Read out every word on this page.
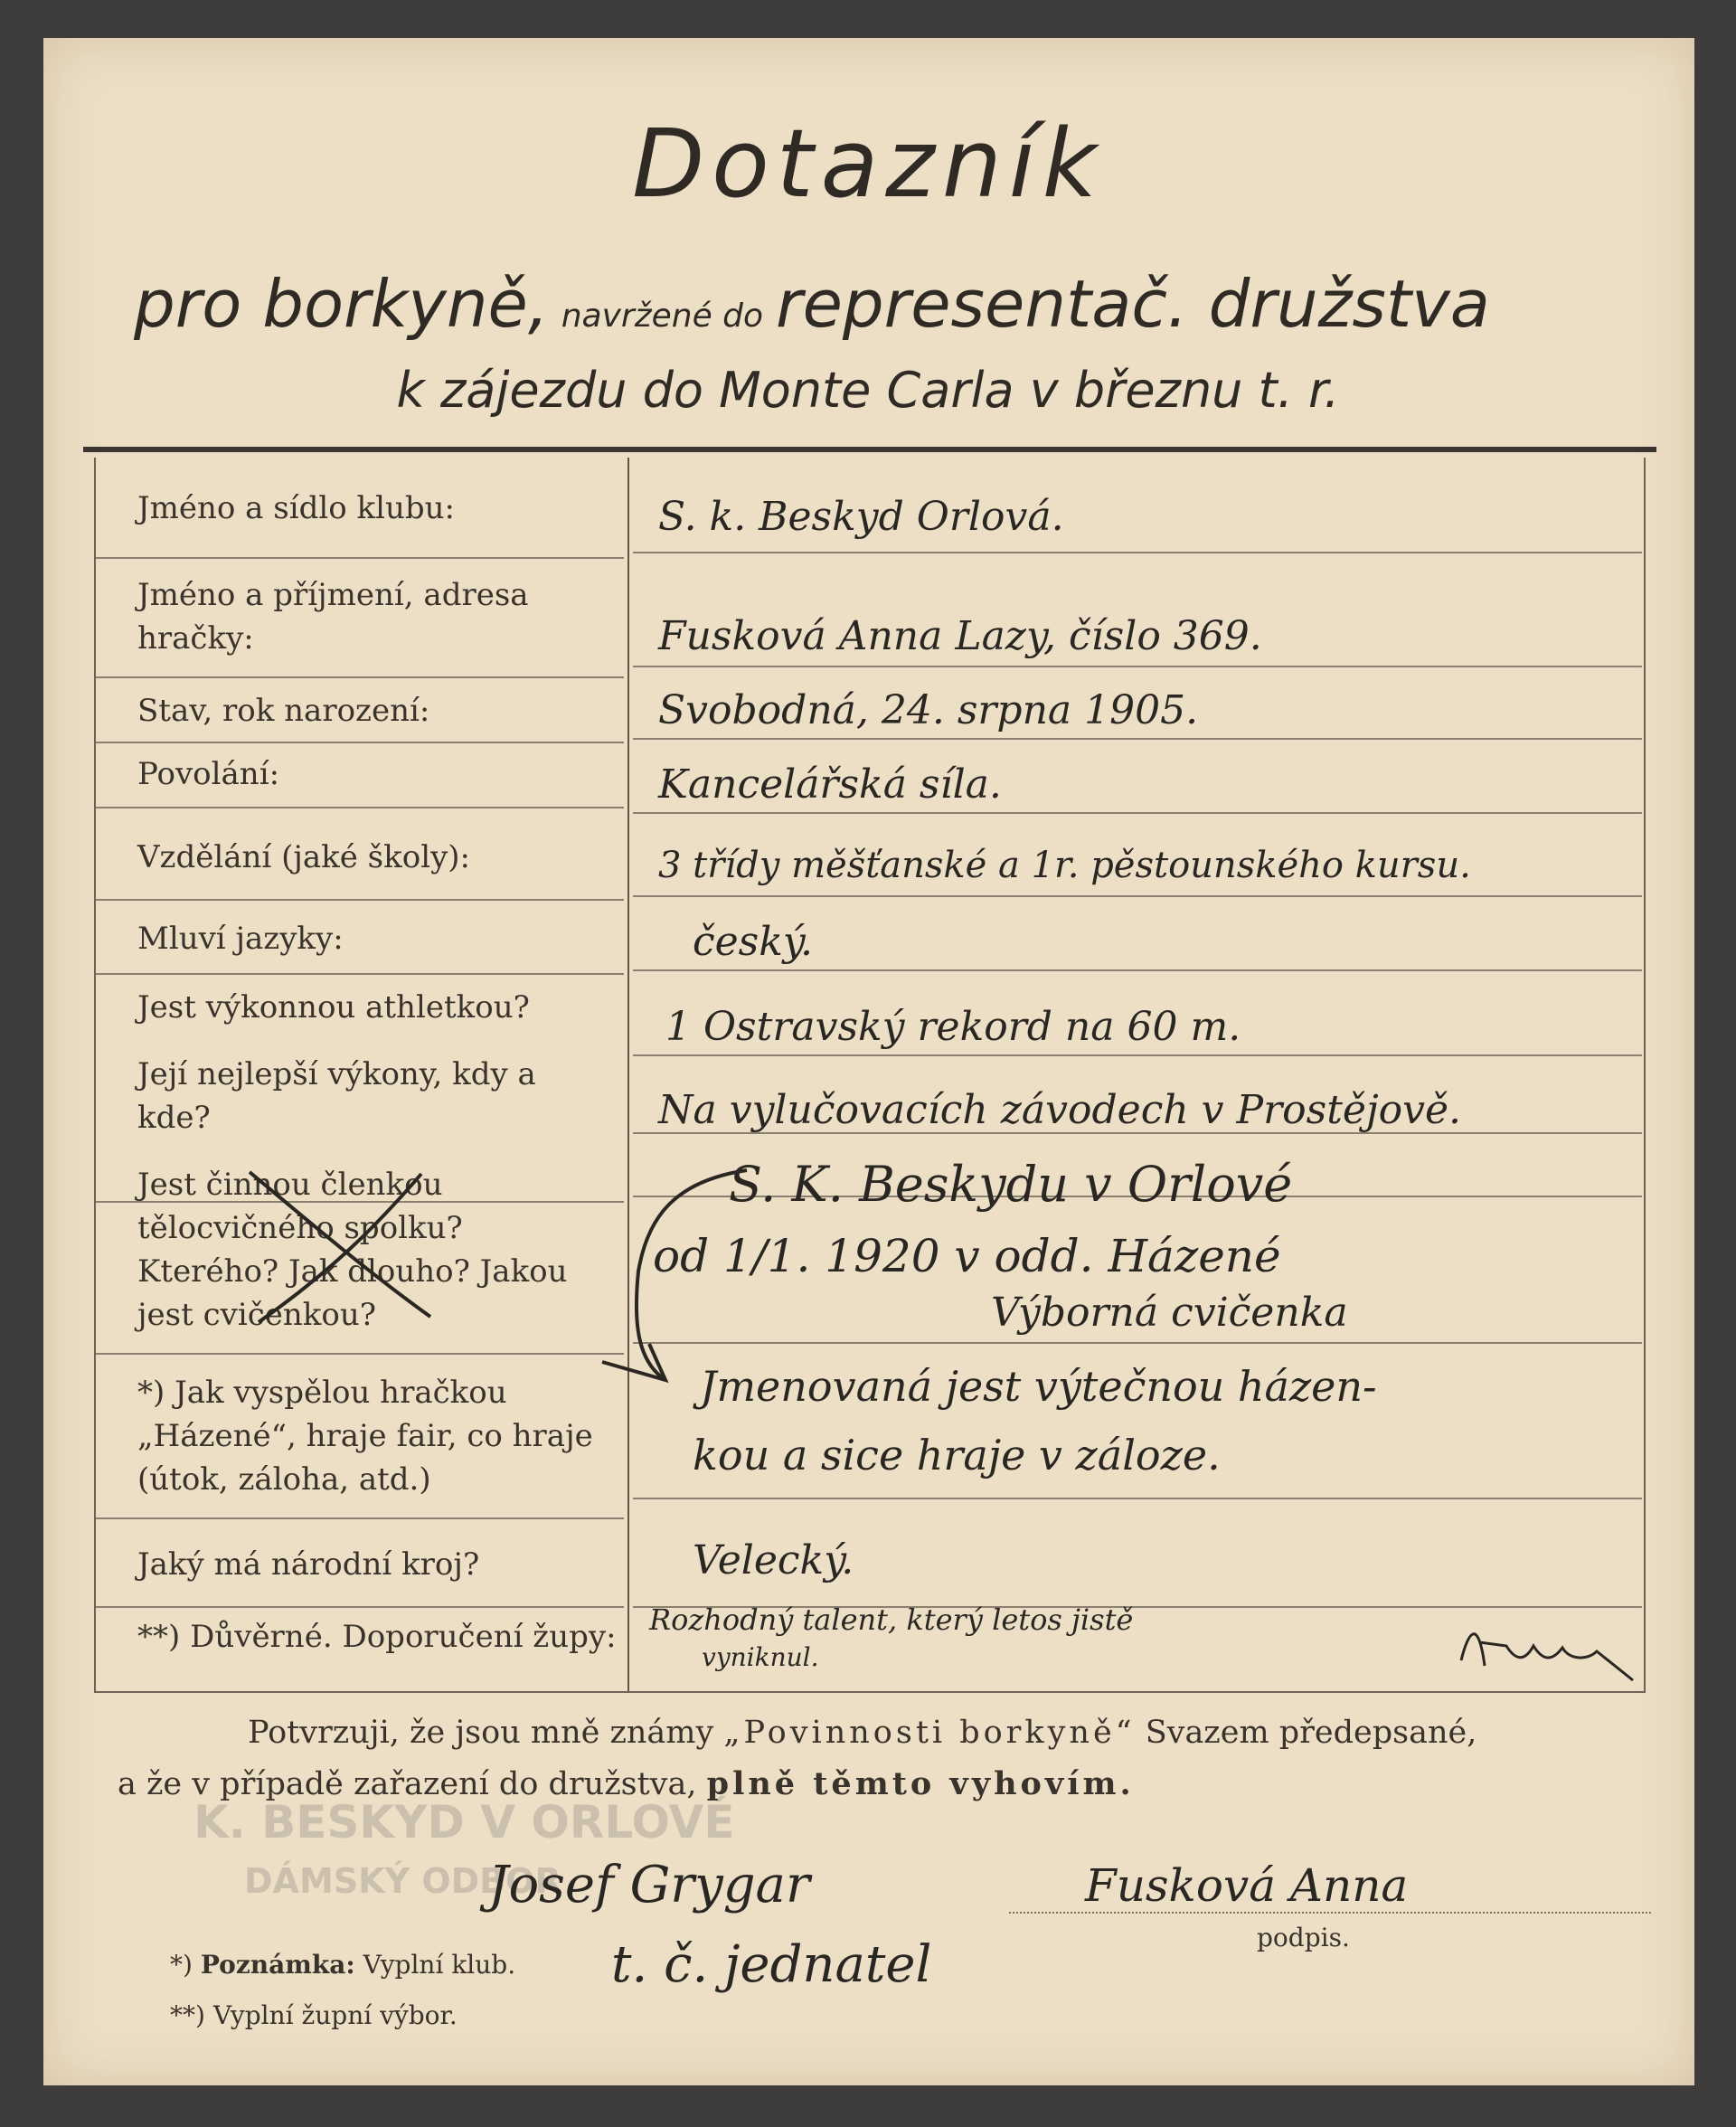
Dotazník
pro borkyně, navržené do representač. družstva
k zájezdu do Monte Carla v březnu t. r.
Jméno a sídlo klubu:
Jméno a příjmení, adresa hračky:
Stav, rok narození:
Povolání:
Vzdělání (jaké školy):
Mluví jazyky:
Jest výkonnou athletkou?
Její nejlepší výkony, kdy a kde?
Jest činnou členkou tělocvičného spolku? Kterého? Jak dlouho? Jakou jest cvičenkou?
*) Jak vyspělou hračkou „Házené“, hraje fair, co hraje (útok, záloha, atd.)
Jaký má národní kroj?
**) Důvěrné. Doporučení župy:
S. k. Beskyd Orlová.
Fusková Anna Lazy, číslo 369.
Svobodná, 24. srpna 1905.
Kancelářská síla.
3 třídy měšťanské a 1r. pěstounského kursu.
český.
1 Ostravský rekord na 60 m.
Na vylučovacích závodech v Prostějově.
S. K. Beskydu v Orlové
od 1/1. 1920 v odd. Házené
Výborná cvičenka
Jmenovaná jest výtečnou házen-
kou a sice hraje v záloze.
Velecký.
Rozhodný talent, který letos jistě
vyniknul.
Potvrzuji, že jsou mně známy „Povinnosti borkyně“ Svazem předepsané,
a že v případě zařazení do družstva, plně těmto vyhovím.
K. BESKYD V ORLOVÉ
DÁMSKÝ ODBOR
Josef Grygar
t. č. jednatel
Fusková Anna
podpis.
*) Poznámka: Vyplní klub.
**) Vyplní župní výbor.
